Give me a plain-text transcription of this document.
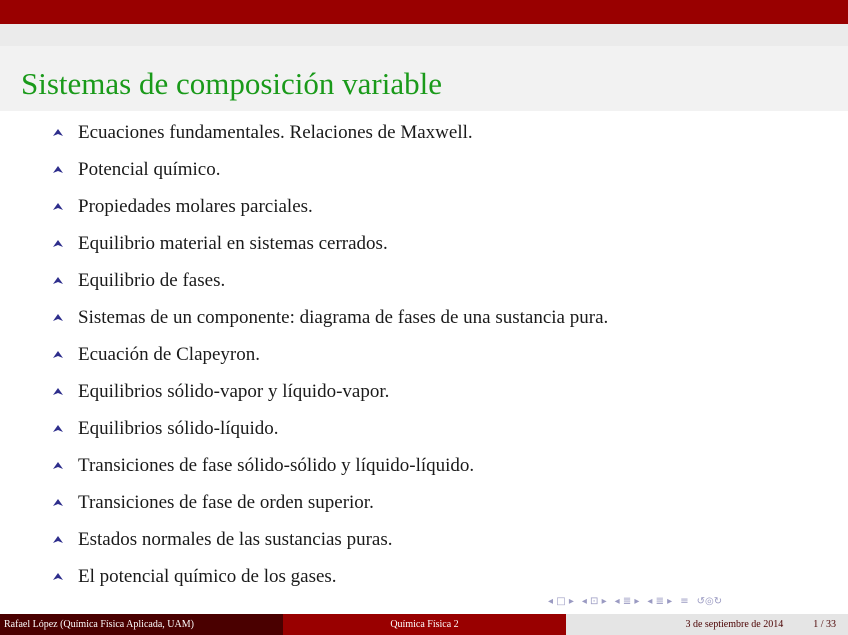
Sistemas de composición variable
Ecuaciones fundamentales. Relaciones de Maxwell.
Potencial químico.
Propiedades molares parciales.
Equilibrio material en sistemas cerrados.
Equilibrio de fases.
Sistemas de un componente: diagrama de fases de una sustancia pura.
Ecuación de Clapeyron.
Equilibrios sólido-vapor y líquido-vapor.
Equilibrios sólido-líquido.
Transiciones de fase sólido-sólido y líquido-líquido.
Transiciones de fase de orden superior.
Estados normales de las sustancias puras.
El potencial químico de los gases.
◂ □ ▸ ◂ ⊡ ▸ ◂ ≣ ▸ ◂ ≣ ▸ ≡ ↺◎↻
Rafael López (Química Física Aplicada, UAM)	Química Física 2	3 de septiembre de 2014	1 / 33
